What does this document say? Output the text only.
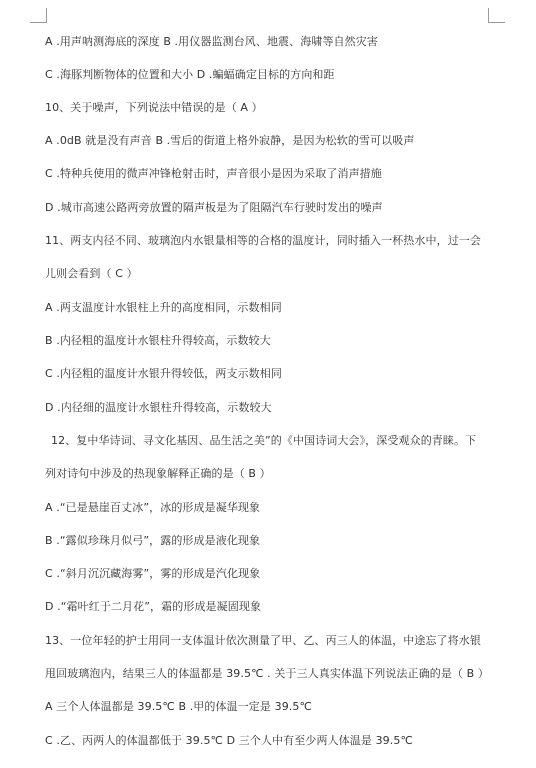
A .用声呐测海底的深度 B .用仪器监测台风、地震、海啸等自然灾害
C .海豚判断物体的位置和大小 D .蝙蝠确定目标的方向和距
10、关于噪声，下列说法中错误的是（ A ）
A .0dB 就是没有声音 B .雪后的街道上格外寂静，是因为松软的雪可以吸声
C .特种兵使用的微声冲锋枪射击时，声音很小是因为采取了消声措施
D .城市高速公路两旁放置的隔声板是为了阻隔汽车行驶时发出的噪声
11、两支内径不同、玻璃泡内水银量相等的合格的温度计，同时插入一杯热水中，过一会
儿则会看到（ C ）
A .两支温度计水银柱上升的高度相同，示数相同
B .内径粗的温度计水银柱升得较高，示数较大
C .内径粗的温度计水银升得较低，两支示数相同
D .内径细的温度计水银柱升得较高，示数较大
12、复中华诗词、寻文化基因、品生活之美”的《中国诗词大会》，深受观众的青睐。下
列对诗句中涉及的热现象解释正确的是（ B ）
A .“已是悬崖百丈冰”，冰的形成是凝华现象
B .“露似珍珠月似弓”，露的形成是液化现象
C .“斜月沉沉藏海雾”，雾的形成是汽化现象
D .“霜叶红于二月花”，霜的形成是凝固现象
13、一位年轻的护士用同一支体温计依次测量了甲、乙、丙三人的体温，中途忘了将水银
甩回玻璃泡内，结果三人的体温都是 39.5℃ . 关于三人真实体温下列说法正确的是（ B ）
A 三个人体温都是 39.5℃ B .甲的体温一定是 39.5℃
C .乙、丙两人的体温都低于 39.5℃ D 三个人中有至少两人体温是 39.5℃
